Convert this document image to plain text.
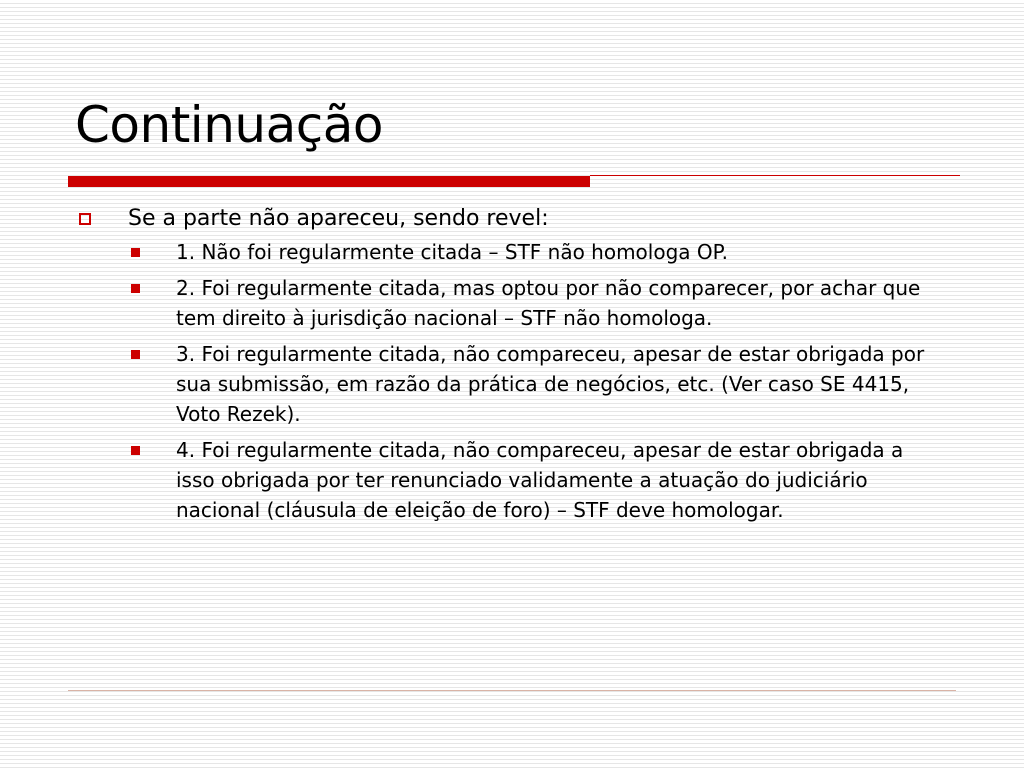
Continuação
Se a parte não apareceu, sendo revel:
1. Não foi regularmente citada – STF não homologa OP.
2. Foi regularmente citada, mas optou por não comparecer, por achar que tem direito à jurisdição nacional – STF não homologa.
3. Foi regularmente citada, não compareceu, apesar de estar obrigada por sua submissão, em razão da prática de negócios, etc. (Ver caso SE 4415, Voto Rezek).
4. Foi regularmente citada, não compareceu, apesar de estar obrigada a isso obrigada por ter renunciado validamente a atuação do judiciário nacional (cláusula de eleição de foro) – STF deve homologar.
